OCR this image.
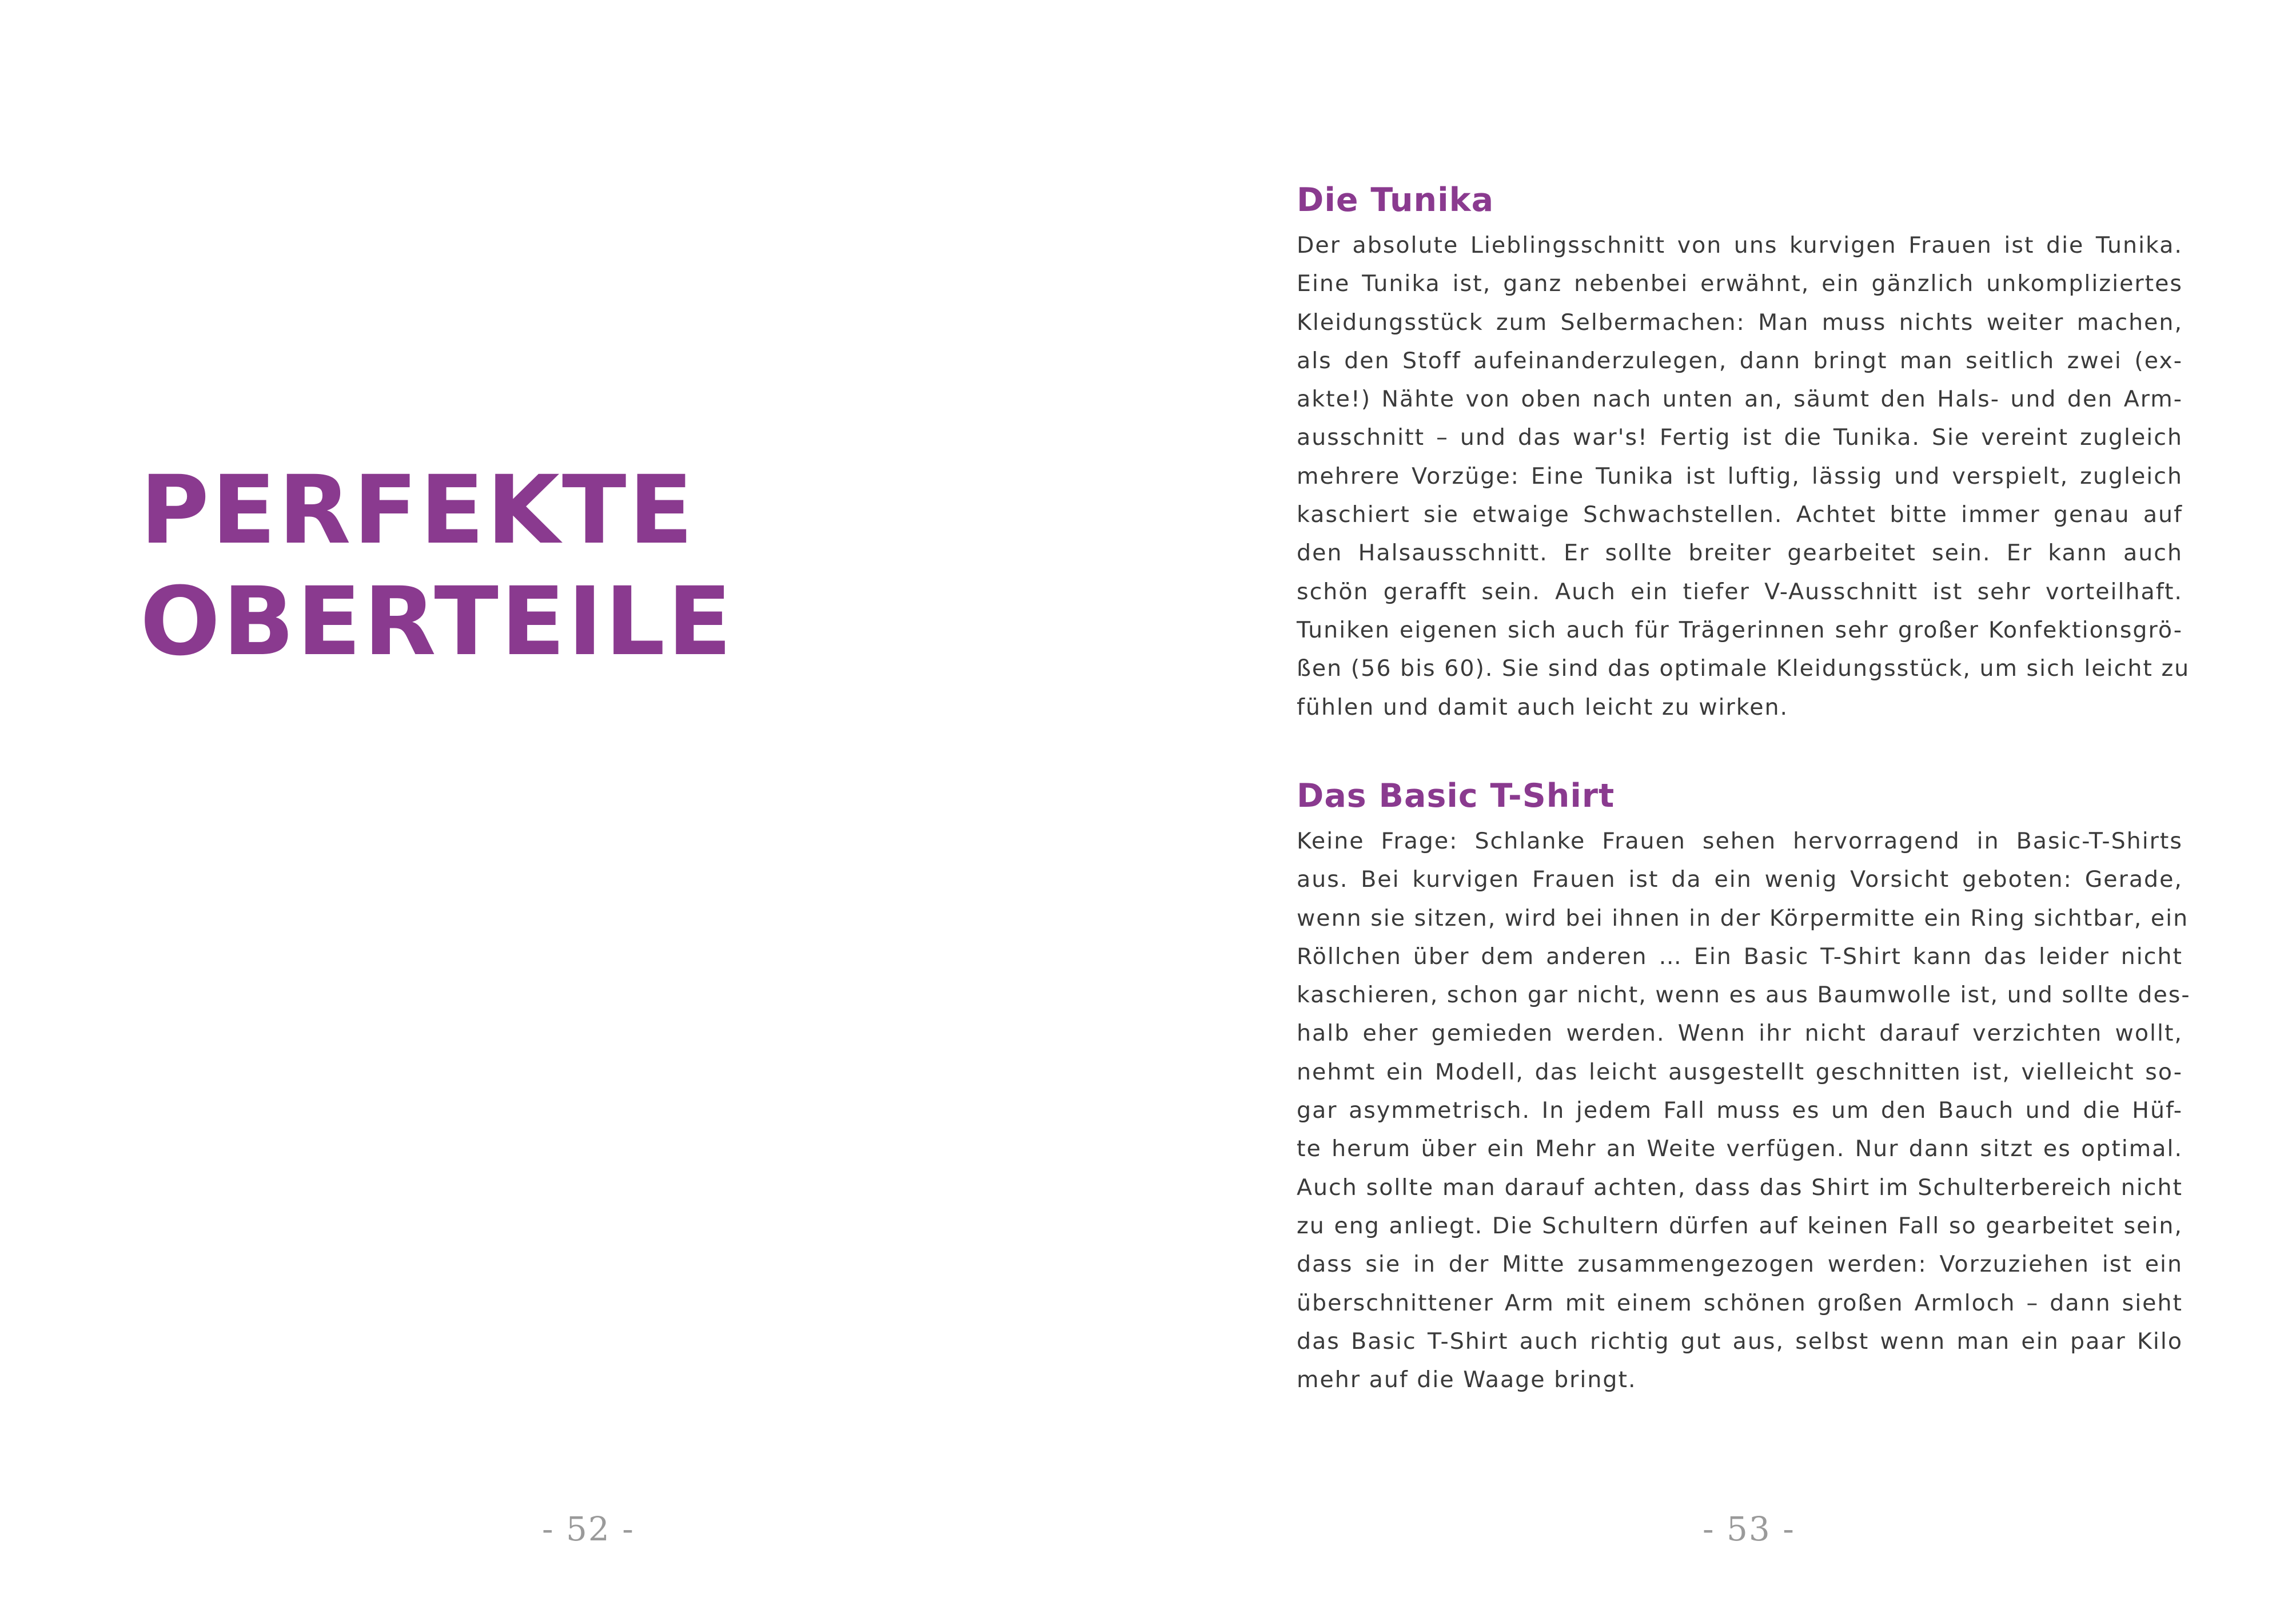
PERFEKTE
OBERTEILE
- 52 -
Die Tunika

Der absolute Lieblingsschnitt von uns kurvigen Frauen ist die Tunika.
Eine Tunika ist, ganz nebenbei erwähnt, ein gänzlich unkompliziertes
Kleidungsstück zum Selbermachen: Man muss nichts weiter machen,
als den Stoff aufeinanderzulegen, dann bringt man seitlich zwei (ex-
akte!) Nähte von oben nach unten an, säumt den Hals- und den Arm-
ausschnitt – und das war's! Fertig ist die Tunika. Sie vereint zugleich
mehrere Vorzüge: Eine Tunika ist luftig, lässig und verspielt, zugleich
kaschiert sie etwaige Schwachstellen. Achtet bitte immer genau auf
den Halsausschnitt. Er sollte breiter gearbeitet sein. Er kann auch
schön gerafft sein. Auch ein tiefer V-Ausschnitt ist sehr vorteilhaft.
Tuniken eigenen sich auch für Trägerinnen sehr großer Konfektionsgrö-
ßen (56 bis 60). Sie sind das optimale Kleidungsstück, um sich leicht zu
fühlen und damit auch leicht zu wirken.

Das Basic T-Shirt

Keine Frage: Schlanke Frauen sehen hervorragend in Basic-T-Shirts
aus. Bei kurvigen Frauen ist da ein wenig Vorsicht geboten: Gerade,
wenn sie sitzen, wird bei ihnen in der Körpermitte ein Ring sichtbar, ein
Röllchen über dem anderen … Ein Basic T-Shirt kann das leider nicht
kaschieren, schon gar nicht, wenn es aus Baumwolle ist, und sollte des-
halb eher gemieden werden. Wenn ihr nicht darauf verzichten wollt,
nehmt ein Modell, das leicht ausgestellt geschnitten ist, vielleicht so-
gar asymmetrisch. In jedem Fall muss es um den Bauch und die Hüf-
te herum über ein Mehr an Weite verfügen. Nur dann sitzt es optimal.
Auch sollte man darauf achten, dass das Shirt im Schulterbereich nicht
zu eng anliegt. Die Schultern dürfen auf keinen Fall so gearbeitet sein,
dass sie in der Mitte zusammengezogen werden: Vorzuziehen ist ein
überschnittener Arm mit einem schönen großen Armloch – dann sieht
das Basic T-Shirt auch richtig gut aus, selbst wenn man ein paar Kilo
mehr auf die Waage bringt.

- 53 -
